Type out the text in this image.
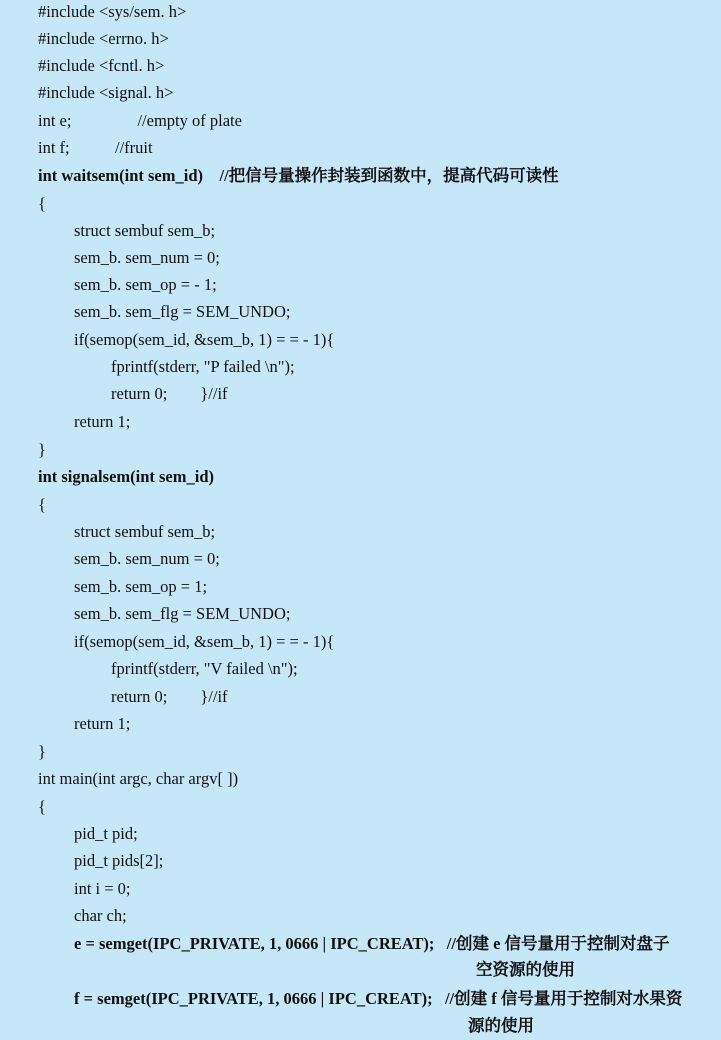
#include <sys/sem. h>
#include <errno. h>
#include <fcntl. h>
#include <signal. h>
int e;                //empty of plate
int f;           //fruit
int waitsem(int sem_id)    //把信号量操作封装到函数中，提高代码可读性
{
struct sembuf sem_b;
sem_b. sem_num = 0;
sem_b. sem_op = - 1;
sem_b. sem_flg = SEM_UNDO;
if(semop(sem_id, &sem_b, 1) = = - 1){
fprintf(stderr, "P failed \n");
return 0;        }//if
return 1;
}
int signalsem(int sem_id)
{
struct sembuf sem_b;
sem_b. sem_num = 0;
sem_b. sem_op = 1;
sem_b. sem_flg = SEM_UNDO;
if(semop(sem_id, &sem_b, 1) = = - 1){
fprintf(stderr, "V failed \n");
return 0;        }//if
return 1;
}
int main(int argc, char argv[ ])
{
pid_t pid;
pid_t pids[2];
int i = 0;
char ch;
e = semget(IPC_PRIVATE, 1, 0666 | IPC_CREAT);   //创建 e 信号量用于控制对盘子
空资源的使用
f = semget(IPC_PRIVATE, 1, 0666 | IPC_CREAT);   //创建 f 信号量用于控制对水果资
源的使用
